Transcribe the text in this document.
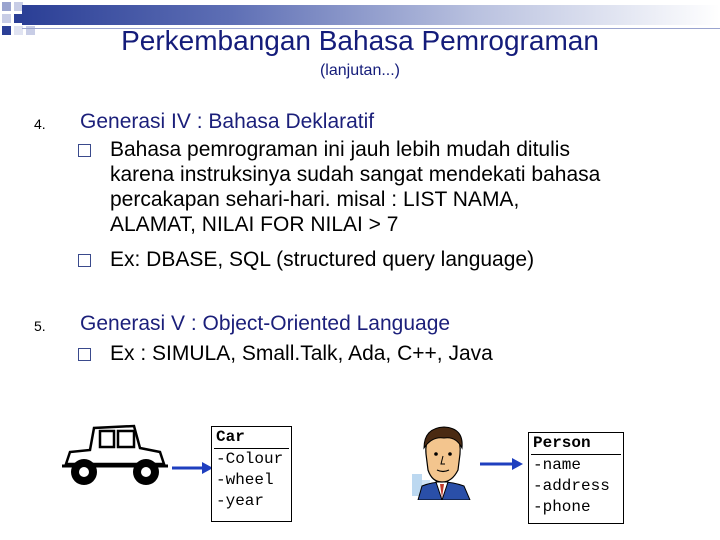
Perkembangan Bahasa Pemrograman
(lanjutan...)
4. Generasi IV : Bahasa Deklaratif
Bahasa pemrograman ini jauh lebih mudah ditulis
karena instruksinya sudah sangat mendekati bahasa
percakapan sehari-hari. misal : LIST NAMA,
ALAMAT, NILAI FOR NILAI > 7
Ex: DBASE, SQL (structured query language)
5. Generasi V : Object-Oriented Language
Ex : SIMULA, Small.Talk, Ada, C++, Java
Car
-Colour
-wheel
-year
Person
-name
-address
-phone
